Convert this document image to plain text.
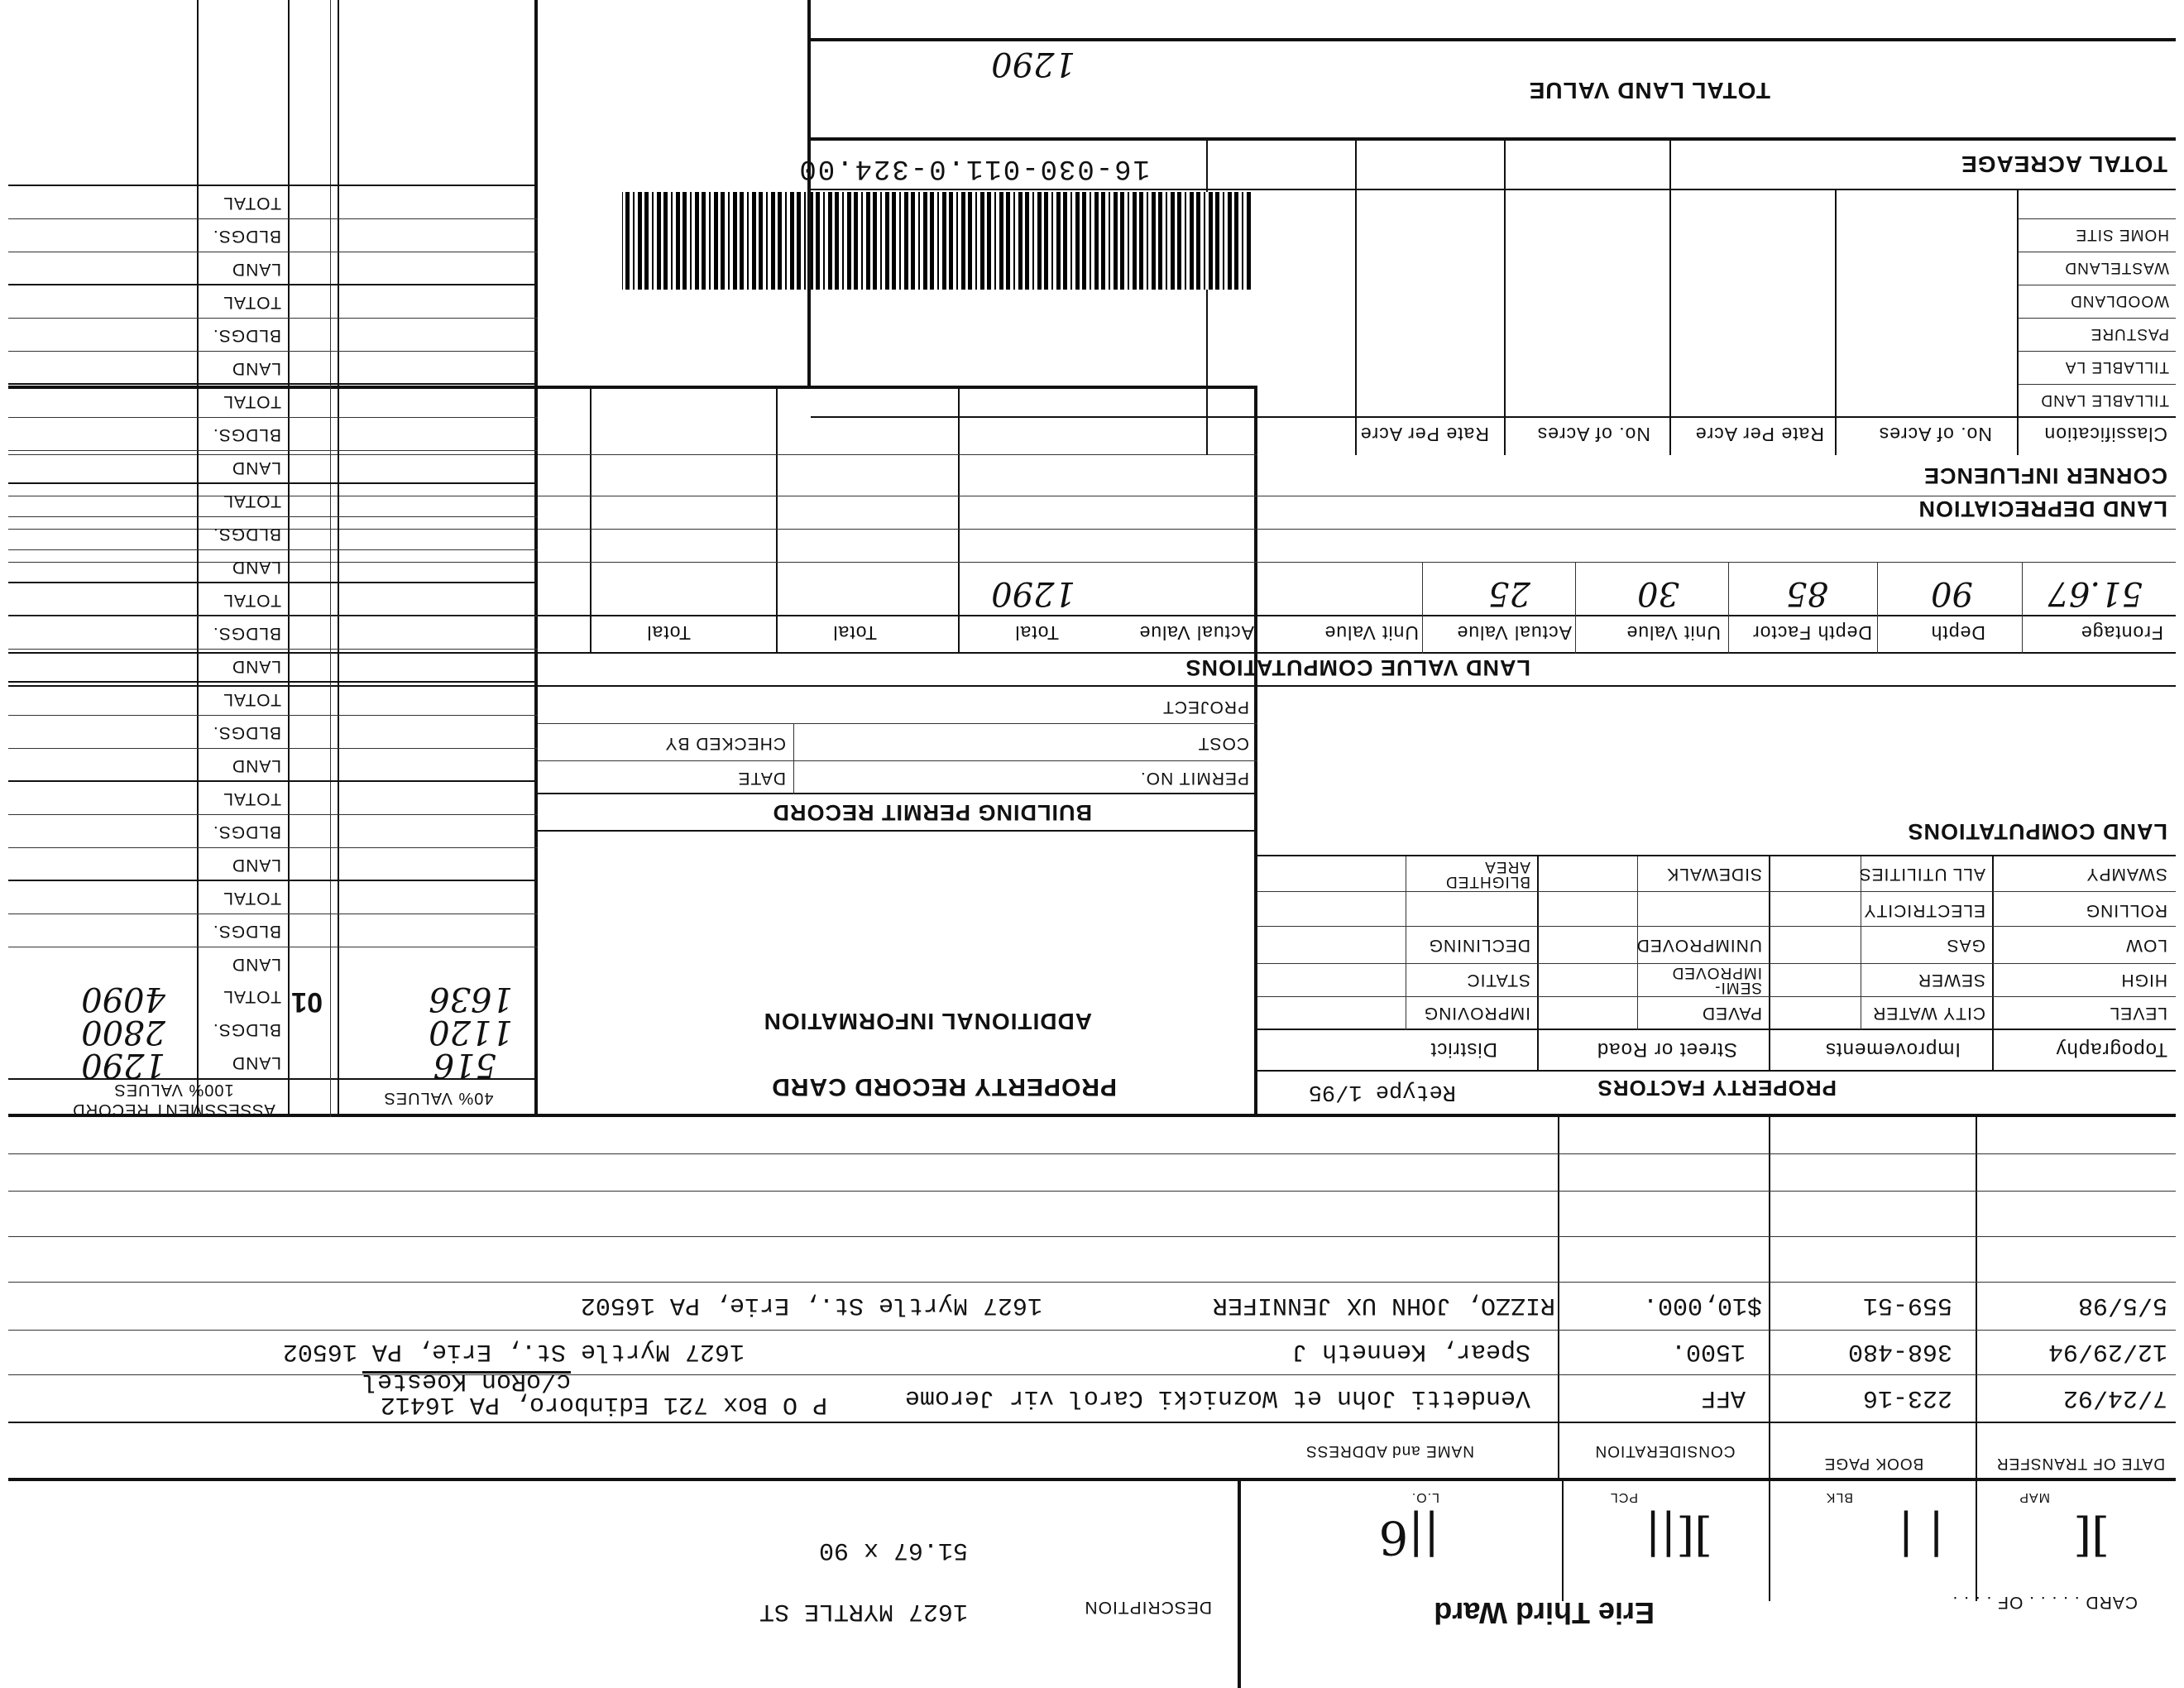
CARD . . . . . OF . . . .
Erie Third Ward
MAP
BLK
PCL
L.O.
][
| |
][||
||6
DESCRIPTION
1627 MYRTLE ST
51.67 x 90
DATE OF TRANSFER
BOOK PAGE
CONSIDERATION
NAME and ADDRESS
7/24/92
223-16
AFF
Vendetti John et Woznicki Carol vir Jerome
P O Box 721 Edinboro, PA 16412
c/oRon Koestel
12/29/94
368-480
1500.
Spear, Kenneth J
1627 Myrtle St., Erie, PA 16502
5/5/98
559-51
$10,000.
RIZZO, JOHN UX JENNIFER
1627 Myrtle St., Erie, PA 16502
PROPERTY FACTORS
Retype 1/95
Topography
Improvements
Street or Road
District
LEVEL
HIGH
LOW
ROLLING
SWAMPY
CITY WATER
SEWER
GAS
ELECTRICITY
ALL UTILITIES
PAVED
SEMI-IMPROVED
UNIMPROVED
SIDEWALK
IMPROVING
STATIC
DECLINING
BLIGHTED AREA
LAND COMPUTATIONS
LAND VALUE COMPUTATIONS
Frontage
Depth
Depth Factor
Unit Value
Actual Value
Unit Value
Actual Value
Total
Total
Total
51.67
90
85
30
25
1290
LAND DEPRECIATION
CORNER INFLUENCE
Classification
No. of Acres
Rate Per Acre
No. of Acres
Rate Per Acre
TILLABLE LAND
TILLABLE LA
PASTURE
WOODLAND
WASTELAND
HOME SITE
16-030-011.0-324.00	TOTAL ACREAGE
TOTAL LAND VALUE
1290
PROPERTY RECORD CARD
ADDITIONAL INFORMATION
BUILDING PERMIT RECORD
PERMIT NO.
DATE
COST
CHECKED BY
PROJECT
40% VALUES
ASSESSMENT RECORD
100% VALUES
LAND
BLDGS.
TOTAL 01
516
1120
1636
1290
2800
4090
LAND
BLDGS.
TOTAL
LAND
BLDGS.
TOTAL
LAND
BLDGS.
TOTAL
LAND
BLDGS.
TOTAL
LAND
BLDGS.
TOTAL
LAND
BLDGS.
TOTAL
LAND
BLDGS.
TOTAL
LAND
BLDGS.
TOTAL
